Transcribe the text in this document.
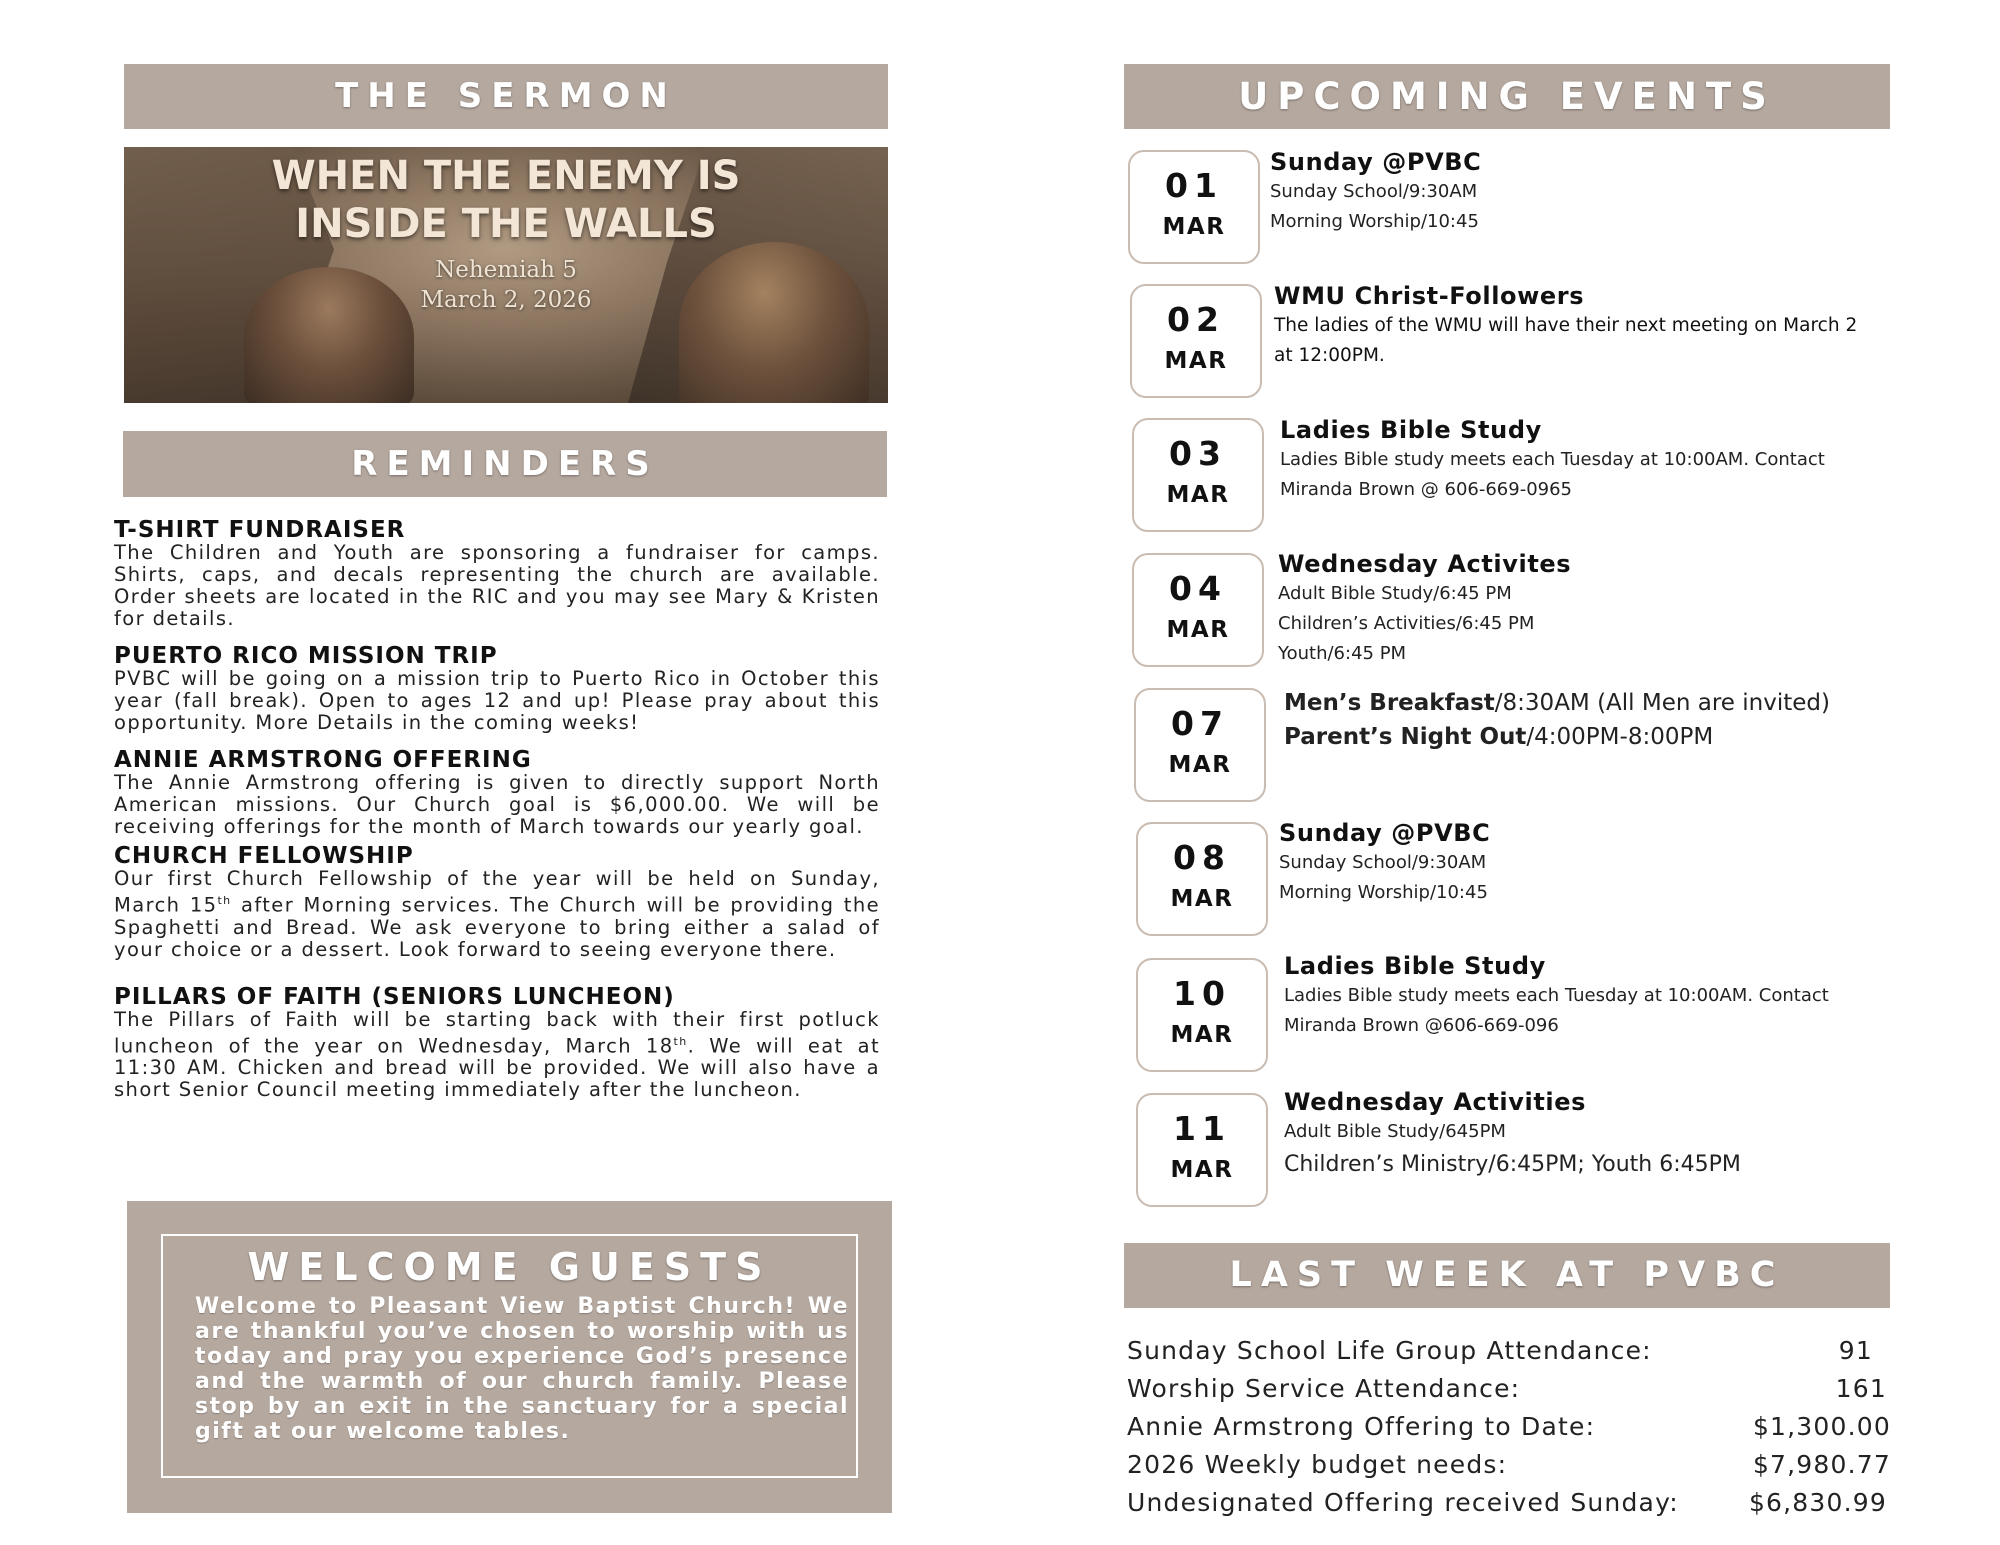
THE SERMON
WHEN THE ENEMY IS
INSIDE THE WALLS
Nehemiah 5
March 2, 2026
REMINDERS
T-SHIRT FUNDRAISER
The Children and Youth are sponsoring a fundraiser for camps. Shirts, caps, and decals representing the church are available. Order sheets are located in the RIC and you may see Mary & Kristen for details.
PUERTO RICO MISSION TRIP
PVBC will be going on a mission trip to Puerto Rico in October this year (fall break). Open to ages 12 and up! Please pray about this opportunity. More Details in the coming weeks!
ANNIE ARMSTRONG OFFERING
The Annie Armstrong offering is given to directly support North American missions. Our Church goal is $6,000.00. We will be receiving offerings for the month of March towards our yearly goal.
CHURCH FELLOWSHIP
Our first Church Fellowship of the year will be held on Sunday, March 15th after Morning services. The Church will be providing the Spaghetti and Bread. We ask everyone to bring either a salad of your choice or a dessert. Look forward to seeing everyone there.
PILLARS OF FAITH (SENIORS LUNCHEON)
The Pillars of Faith will be starting back with their first potluck luncheon of the year on Wednesday, March 18th. We will eat at 11:30 AM. Chicken and bread will be provided. We will also have a short Senior Council meeting immediately after the luncheon.
WELCOME GUESTS
Welcome to Pleasant View Baptist Church! We are thankful you’ve chosen to worship with us today and pray you experience God’s presence and the warmth of our church family. Please stop by an exit in the sanctuary for a special gift at our welcome tables.
UPCOMING EVENTS
01
MAR
Sunday @PVBC
Sunday School/9:30AM
Morning Worship/10:45
02
MAR
WMU Christ-Followers
The ladies of the WMU will have their next meeting on March 2
at 12:00PM.
03
MAR
Ladies Bible Study
Ladies Bible study meets each Tuesday at 10:00AM. Contact
Miranda Brown @ 606-669-0965
04
MAR
Wednesday Activites
Adult Bible Study/6:45 PM
Children’s Activities/6:45 PM
Youth/6:45 PM
07
MAR
Men’s Breakfast/8:30AM (All Men are invited)
Parent’s Night Out/4:00PM-8:00PM
08
MAR
Sunday @PVBC
Sunday School/9:30AM
Morning Worship/10:45
10
MAR
Ladies Bible Study
Ladies Bible study meets each Tuesday at 10:00AM. Contact
Miranda Brown @606-669-096
11
MAR
Wednesday Activities
Adult Bible Study/645PM
Children’s Ministry/6:45PM; Youth 6:45PM
LAST WEEK AT PVBC
Sunday School Life Group Attendance:	91
Worship Service Attendance:	161
Annie Armstrong Offering to Date:	$1,300.00
2026 Weekly budget needs:	$7,980.77
Undesignated Offering received Sunday:	$6,830.99
